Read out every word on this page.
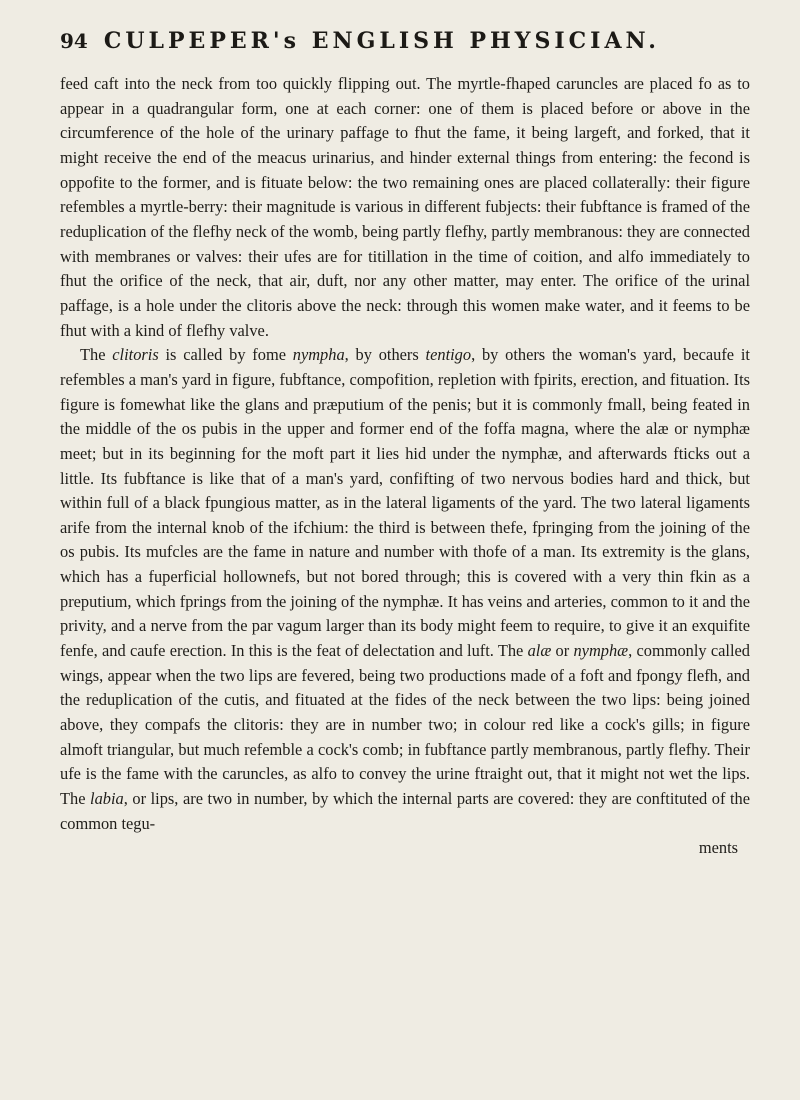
94 CULPEPER's ENGLISH PHYSICIAN.

feed caft into the neck from too quickly flipping out. The myrtle-fhaped caruncles are placed fo as to appear in a quadrangular form, one at each corner: one of them is placed before or above in the circumference of the hole of the urinary paffage to fhut the fame, it being largeft, and forked, that it might receive the end of the meacus urinarius, and hinder external things from entering: the fecond is oppofite to the former, and is fituate below: the two remaining ones are placed collaterally: their figure refembles a myrtle-berry: their magnitude is various in different fubjects: their fubftance is framed of the reduplication of the flefhy neck of the womb, being partly flefhy, partly membranous: they are connected with membranes or valves: their ufes are for titillation in the time of coition, and alfo immediately to fhut the orifice of the neck, that air, duft, nor any other matter, may enter. The orifice of the urinal paffage, is a hole under the clitoris above the neck: through this women make water, and it feems to be fhut with a kind of flefhy valve.

The clitoris is called by fome nympha, by others tentigo, by others the woman's yard, becaufe it refembles a man's yard in figure, fubftance, compofition, repletion with fpirits, erection, and fituation. Its figure is fomewhat like the glans and præputium of the penis; but it is commonly fmall, being feated in the middle of the os pubis in the upper and former end of the foffa magna, where the alæ or nymphæ meet; but in its beginning for the moft part it lies hid under the nymphæ, and afterwards fticks out a little. Its fubftance is like that of a man's yard, confifting of two nervous bodies hard and thick, but within full of a black fpungious matter, as in the lateral ligaments of the yard. The two lateral ligaments arife from the internal knob of the ifchium: the third is between thefe, fpringing from the joining of the os pubis. Its mufcles are the fame in nature and number with thofe of a man. Its extremity is the glans, which has a fuperficial hollownefs, but not bored through; this is covered with a very thin fkin as a preputium, which fprings from the joining of the nymphæ. It has veins and arteries, common to it and the privity, and a nerve from the par vagum larger than its body might feem to require, to give it an exquifite fenfe, and caufe erection. In this is the feat of delectation and luft. The alæ or nymphæ, commonly called wings, appear when the two lips are fevered, being two productions made of a foft and fpongy flefh, and the reduplication of the cutis, and fituated at the fides of the neck between the two lips: being joined above, they compafs the clitoris: they are in number two; in colour red like a cock's gills; in figure almoft triangular, but much refemble a cock's comb; in fubftance partly membranous, partly flefhy. Their ufe is the fame with the caruncles, as alfo to convey the urine ftraight out, that it might not wet the lips. The labia, or lips, are two in number, by which the internal parts are covered: they are conftituted of the common tegu-

ments
